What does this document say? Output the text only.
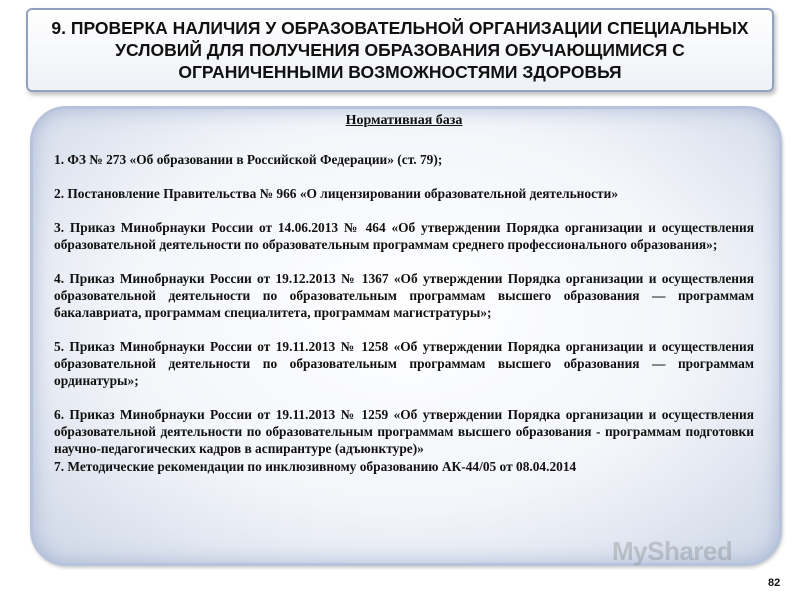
9. ПРОВЕРКА НАЛИЧИЯ У ОБРАЗОВАТЕЛЬНОЙ ОРГАНИЗАЦИИ СПЕЦИАЛЬНЫХ УСЛОВИЙ ДЛЯ ПОЛУЧЕНИЯ ОБРАЗОВАНИЯ ОБУЧАЮЩИМИСЯ С ОГРАНИЧЕННЫМИ ВОЗМОЖНОСТЯМИ ЗДОРОВЬЯ
Нормативная база
1. ФЗ № 273 «Об образовании в Российской Федерации» (ст. 79);
2. Постановление Правительства № 966 «О лицензировании образовательной деятельности»
3. Приказ Минобрнауки России от 14.06.2013 № 464 «Об утверждении Порядка организации и осуществления образовательной деятельности по образовательным программам среднего профессионального образования»;
4. Приказ Минобрнауки России от 19.12.2013 № 1367 «Об утверждении Порядка организации и осуществления образовательной деятельности по образовательным программам высшего образования — программам бакалавриата, программам специалитета, программам магистратуры»;
5. Приказ Минобрнауки России от 19.11.2013 № 1258 «Об утверждении Порядка организации и осуществления образовательной деятельности по образовательным программам высшего образования — программам ординатуры»;
6. Приказ Минобрнауки России от 19.11.2013 № 1259 «Об утверждении Порядка организации и осуществления образовательной деятельности по образовательным программам высшего образования - программам подготовки научно-педагогических кадров в аспирантуре (адъюнктуре)»
7. Методические рекомендации по инклюзивному образованию АК-44/05 от 08.04.2014
MyShared
82
